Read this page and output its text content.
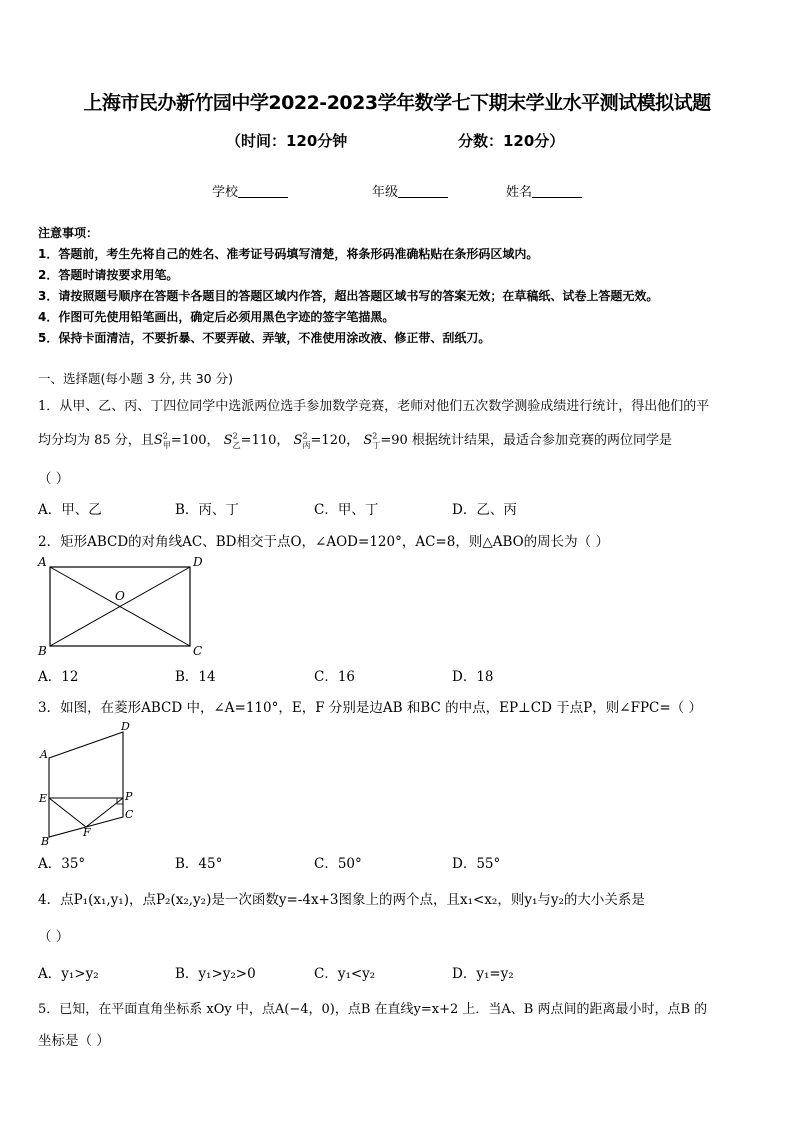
上海市民办新竹园中学2022-2023学年数学七下期末学业水平测试模拟试题
（时间：120分钟	分数：120分）
学校	年级	姓名
注意事项：
1．答题前，考生先将自己的姓名、准考证号码填写清楚，将条形码准确粘贴在条形码区域内。
2．答题时请按要求用笔。
3．请按照题号顺序在答题卡各题目的答题区域内作答，超出答题区域书写的答案无效；在草稿纸、试卷上答题无效。
4．作图可先使用铅笔画出，确定后必须用黑色字迹的签字笔描黑。
5．保持卡面清洁，不要折暴、不要弄破、弄皱，不准使用涂改液、修正带、刮纸刀。
一、选择题(每小题 3 分, 共 30 分)
1．从甲、乙、丙、丁四位同学中选派两位选手参加数学竞赛，老师对他们五次数学测验成绩进行统计，得出他们的平
均分均为 85 分，且$S^2_甲=100$， $S^2_乙=110$， $S^2_丙=120$， $S^2_丁=90$ 根据统计结果，最适合参加竞赛的两位同学是
（ ）
A．甲、乙	B．丙、丁	C．甲、丁	D．乙、丙
2．矩形ABCD的对角线AC、BD相交于点O，∠AOD=120°，AC=8，则△ABO的周长为（ ）
A	D
O
B	C
A．12	B．14	C．16	D．18
3．如图，在菱形ABCD 中，∠A=110°，E，F 分别是边AB 和BC 的中点，EP⊥CD 于点P，则∠FPC=（ ）
D
A
E	P
C
B
F
A．35°	B．45°	C．50°	D．55°
4．点P₁(x₁,y₁)，点P₂(x₂,y₂)是一次函数y=-4x+3图象上的两个点，且x₁<x₂，则y₁与y₂的大小关系是
（ ）
A．y₁>y₂	B．y₁>y₂>0	C．y₁<y₂	D．y₁=y₂
5．已知，在平面直角坐标系 xOy 中，点A(−4，0)，点B 在直线y=x+2 上．当A、B 两点间的距离最小时，点B 的
坐标是（ ）
